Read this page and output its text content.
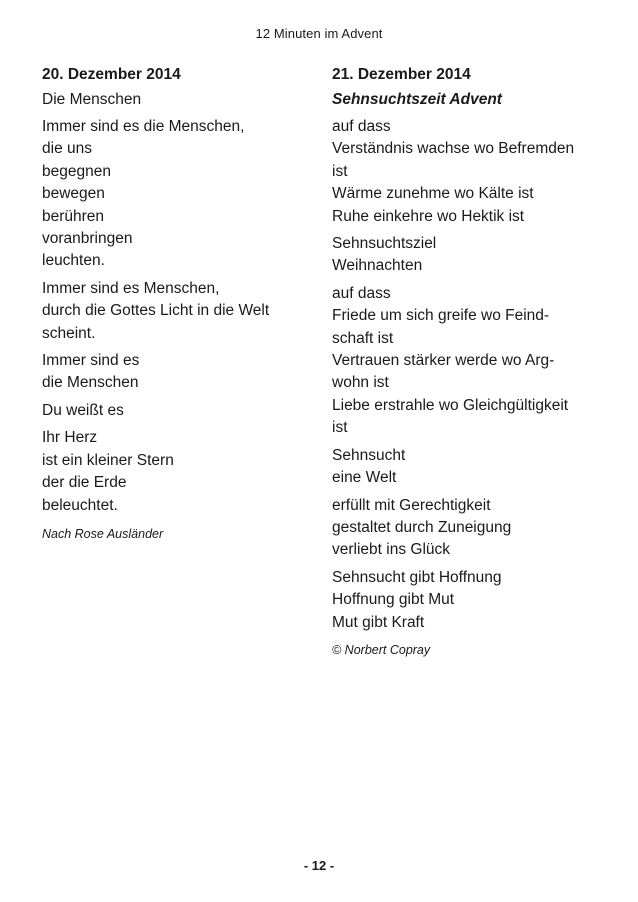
12 Minuten im Advent
20. Dezember 2014
Die Menschen
Immer sind es die Menschen,
die uns
begegnen
bewegen
berühren
voranbringen
leuchten.
Immer sind es Menschen,
durch die Gottes Licht in die Welt
scheint.
Immer sind es
die Menschen
Du weißt es
Ihr Herz
ist ein kleiner Stern
der die Erde
beleuchtet.
Nach Rose Ausländer
21. Dezember 2014
Sehnsuchtszeit Advent
auf dass
Verständnis wachse wo Befremden
ist
Wärme zunehme wo Kälte ist
Ruhe einkehre wo Hektik ist
Sehnsuchtsziel
Weihnachten
auf dass
Friede um sich greife wo Feind-
schaft ist
Vertrauen stärker werde wo Arg-
wohn ist
Liebe erstrahle wo Gleichgültigkeit
ist
Sehnsucht
eine Welt
erfüllt mit Gerechtigkeit
gestaltet durch Zuneigung
verliebt ins Glück
Sehnsucht gibt Hoffnung
Hoffnung gibt Mut
Mut gibt Kraft
© Norbert Copray
- 12 -
